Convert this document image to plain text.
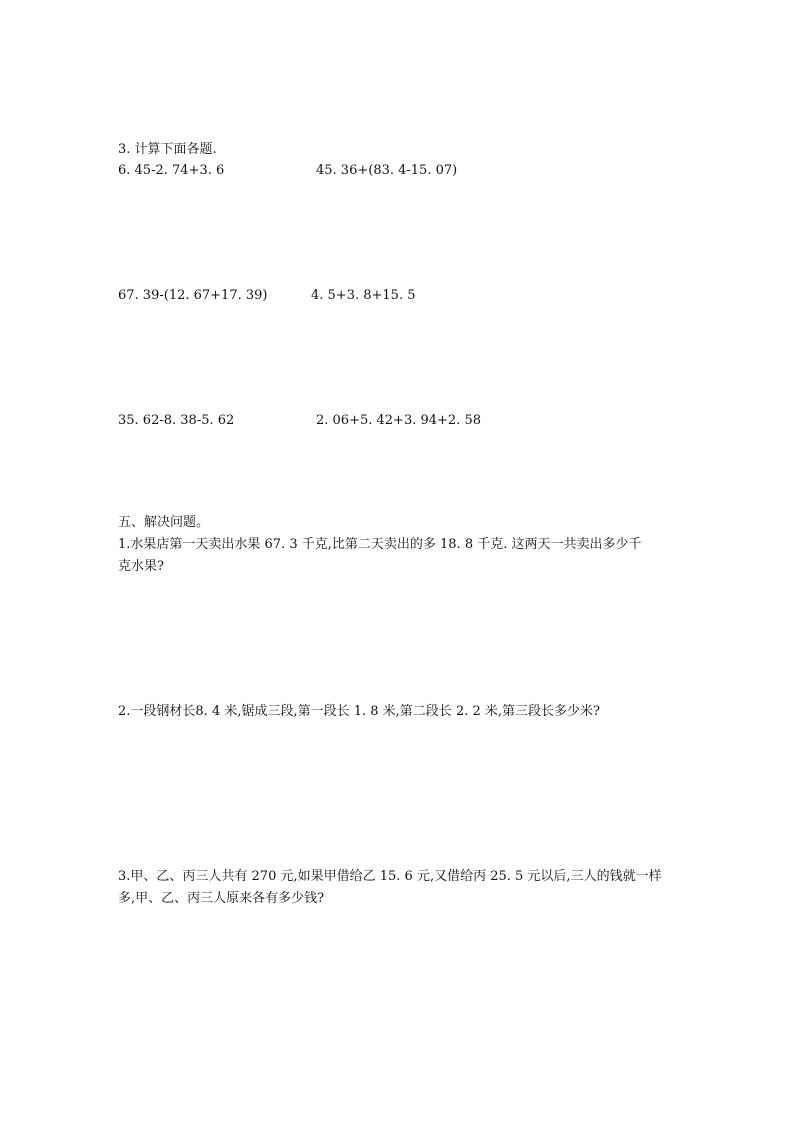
3. 计算下面各题.
6. 45-2. 74+3. 6	45. 36+(83. 4-15. 07)
67. 39-(12. 67+17. 39)	4. 5+3. 8+15. 5
35. 62-8. 38-5. 62	2. 06+5. 42+3. 94+2. 58
五、解决问题。
1.水果店第一天卖出水果 67. 3 千克,比第二天卖出的多 18. 8 千克. 这两天一共卖出多少千
克水果?
2.一段钢材长8. 4 米,锯成三段,第一段长 1. 8 米,第二段长 2. 2 米,第三段长多少米?
3.甲、乙、丙三人共有 270 元,如果甲借给乙 15. 6 元,又借给丙 25. 5 元以后,三人的钱就一样
多,甲、乙、丙三人原来各有多少钱?
